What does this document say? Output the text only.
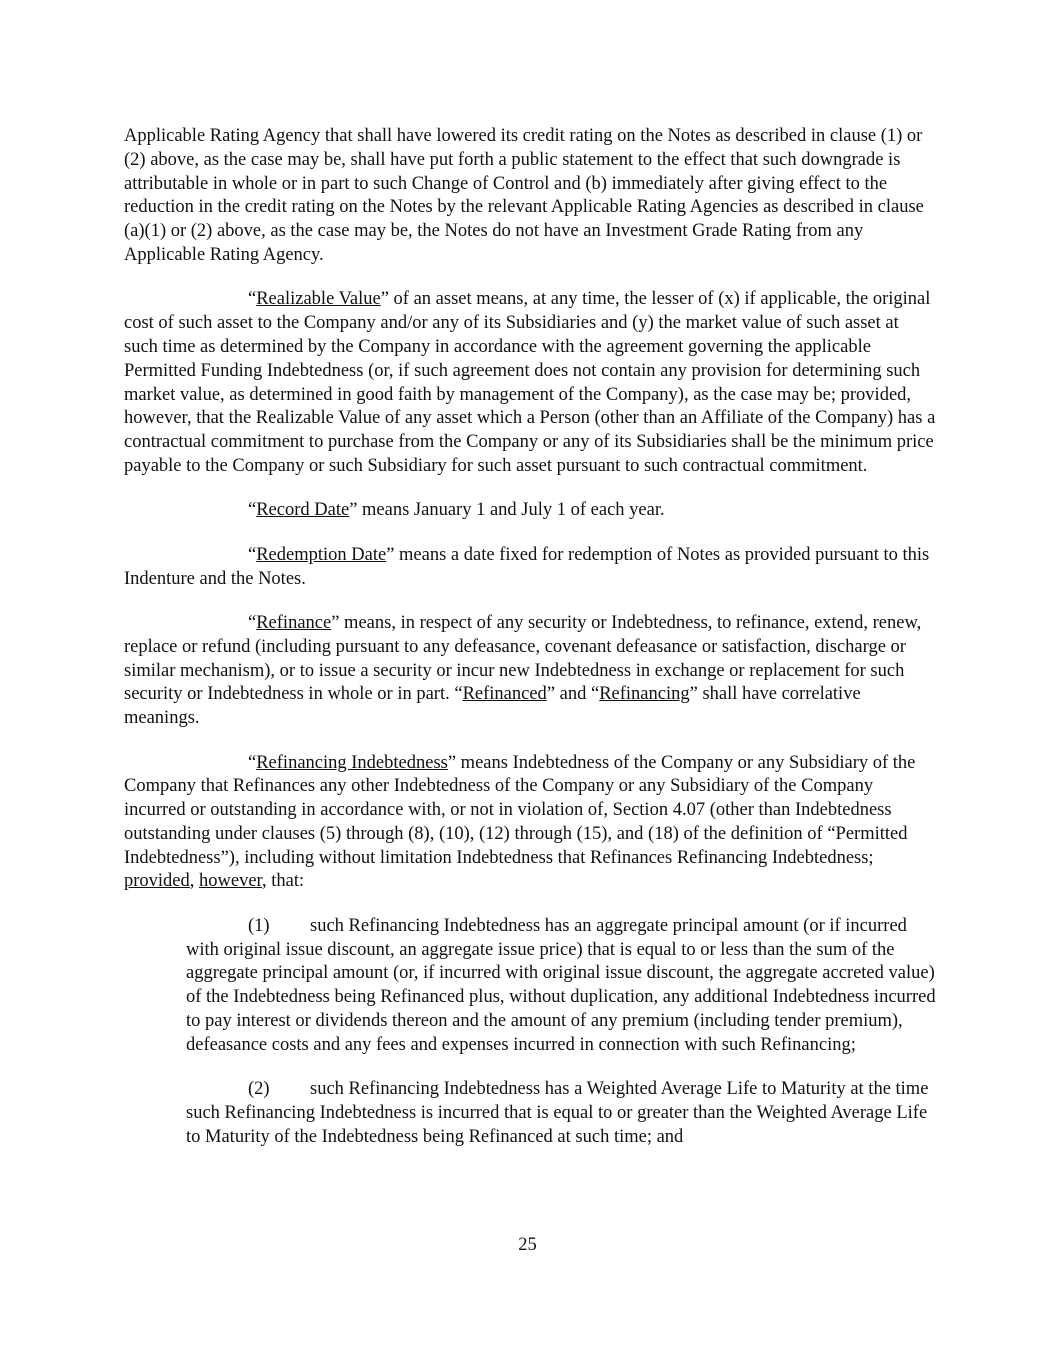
Applicable Rating Agency that shall have lowered its credit rating on the Notes as described in clause (1) or (2) above, as the case may be, shall have put forth a public statement to the effect that such downgrade is attributable in whole or in part to such Change of Control and (b) immediately after giving effect to the reduction in the credit rating on the Notes by the relevant Applicable Rating Agencies as described in clause (a)(1) or (2) above, as the case may be, the Notes do not have an Investment Grade Rating from any Applicable Rating Agency.

“Realizable Value” of an asset means, at any time, the lesser of (x) if applicable, the original cost of such asset to the Company and/or any of its Subsidiaries and (y) the market value of such asset at such time as determined by the Company in accordance with the agreement governing the applicable Permitted Funding Indebtedness (or, if such agreement does not contain any provision for determining such market value, as determined in good faith by management of the Company), as the case may be; provided, however, that the Realizable Value of any asset which a Person (other than an Affiliate of the Company) has a contractual commitment to purchase from the Company or any of its Subsidiaries shall be the minimum price payable to the Company or such Subsidiary for such asset pursuant to such contractual commitment.

“Record Date” means January 1 and July 1 of each year.

“Redemption Date” means a date fixed for redemption of Notes as provided pursuant to this Indenture and the Notes.

“Refinance” means, in respect of any security or Indebtedness, to refinance, extend, renew, replace or refund (including pursuant to any defeasance, covenant defeasance or satisfaction, discharge or similar mechanism), or to issue a security or incur new Indebtedness in exchange or replacement for such security or Indebtedness in whole or in part. “Refinanced” and “Refinancing” shall have correlative meanings.

“Refinancing Indebtedness” means Indebtedness of the Company or any Subsidiary of the Company that Refinances any other Indebtedness of the Company or any Subsidiary of the Company incurred or outstanding in accordance with, or not in violation of, Section 4.07 (other than Indebtedness outstanding under clauses (5) through (8), (10), (12) through (15), and (18) of the definition of “Permitted Indebtedness”), including without limitation Indebtedness that Refinances Refinancing Indebtedness; provided, however, that:

(1) such Refinancing Indebtedness has an aggregate principal amount (or if incurred with original issue discount, an aggregate issue price) that is equal to or less than the sum of the aggregate principal amount (or, if incurred with original issue discount, the aggregate accreted value) of the Indebtedness being Refinanced plus, without duplication, any additional Indebtedness incurred to pay interest or dividends thereon and the amount of any premium (including tender premium), defeasance costs and any fees and expenses incurred in connection with such Refinancing;

(2) such Refinancing Indebtedness has a Weighted Average Life to Maturity at the time such Refinancing Indebtedness is incurred that is equal to or greater than the Weighted Average Life to Maturity of the Indebtedness being Refinanced at such time; and

25
